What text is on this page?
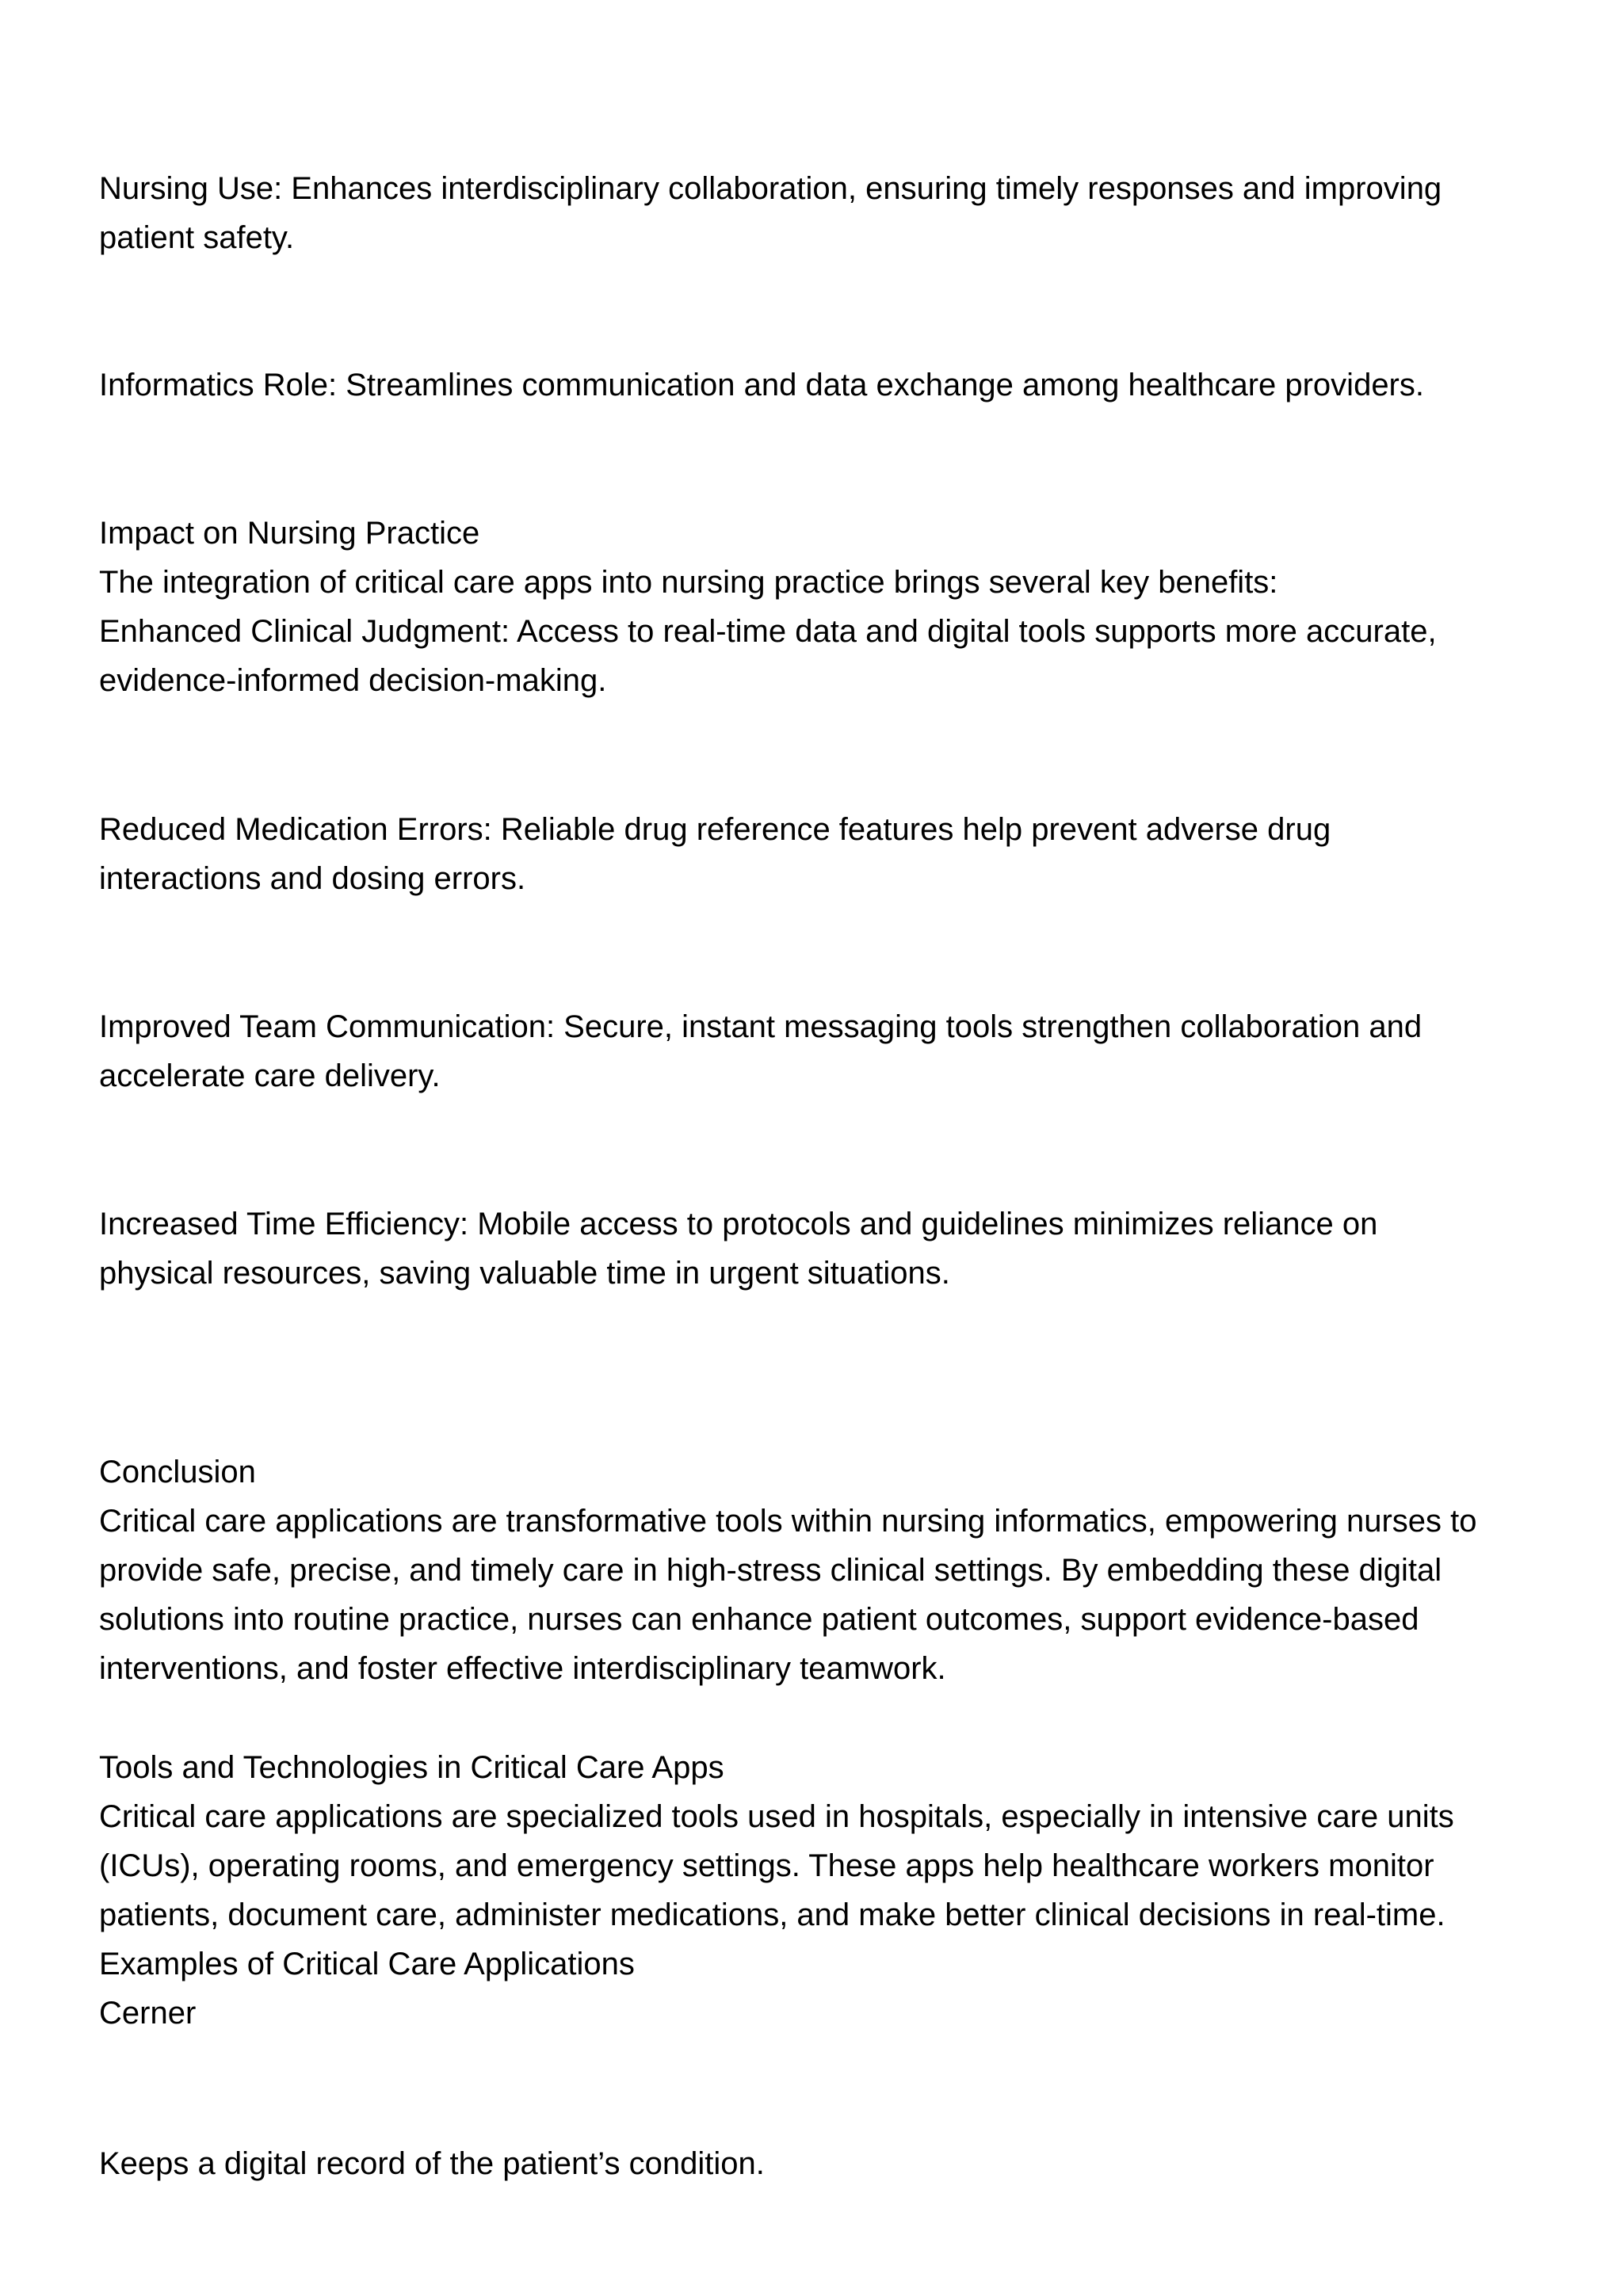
Nursing Use: Enhances interdisciplinary collaboration, ensuring timely responses and improving
patient safety.

Informatics Role: Streamlines communication and data exchange among healthcare providers.

Impact on Nursing Practice
The integration of critical care apps into nursing practice brings several key benefits:
Enhanced Clinical Judgment: Access to real-time data and digital tools supports more accurate,
evidence-informed decision-making.

Reduced Medication Errors: Reliable drug reference features help prevent adverse drug
interactions and dosing errors.

Improved Team Communication: Secure, instant messaging tools strengthen collaboration and
accelerate care delivery.

Increased Time Efficiency: Mobile access to protocols and guidelines minimizes reliance on
physical resources, saving valuable time in urgent situations.

Conclusion
Critical care applications are transformative tools within nursing informatics, empowering nurses to
provide safe, precise, and timely care in high-stress clinical settings. By embedding these digital
solutions into routine practice, nurses can enhance patient outcomes, support evidence-based
interventions, and foster effective interdisciplinary teamwork.

Tools and Technologies in Critical Care Apps
Critical care applications are specialized tools used in hospitals, especially in intensive care units
(ICUs), operating rooms, and emergency settings. These apps help healthcare workers monitor
patients, document care, administer medications, and make better clinical decisions in real-time.
Examples of Critical Care Applications
Cerner

Keeps a digital record of the patient’s condition.
